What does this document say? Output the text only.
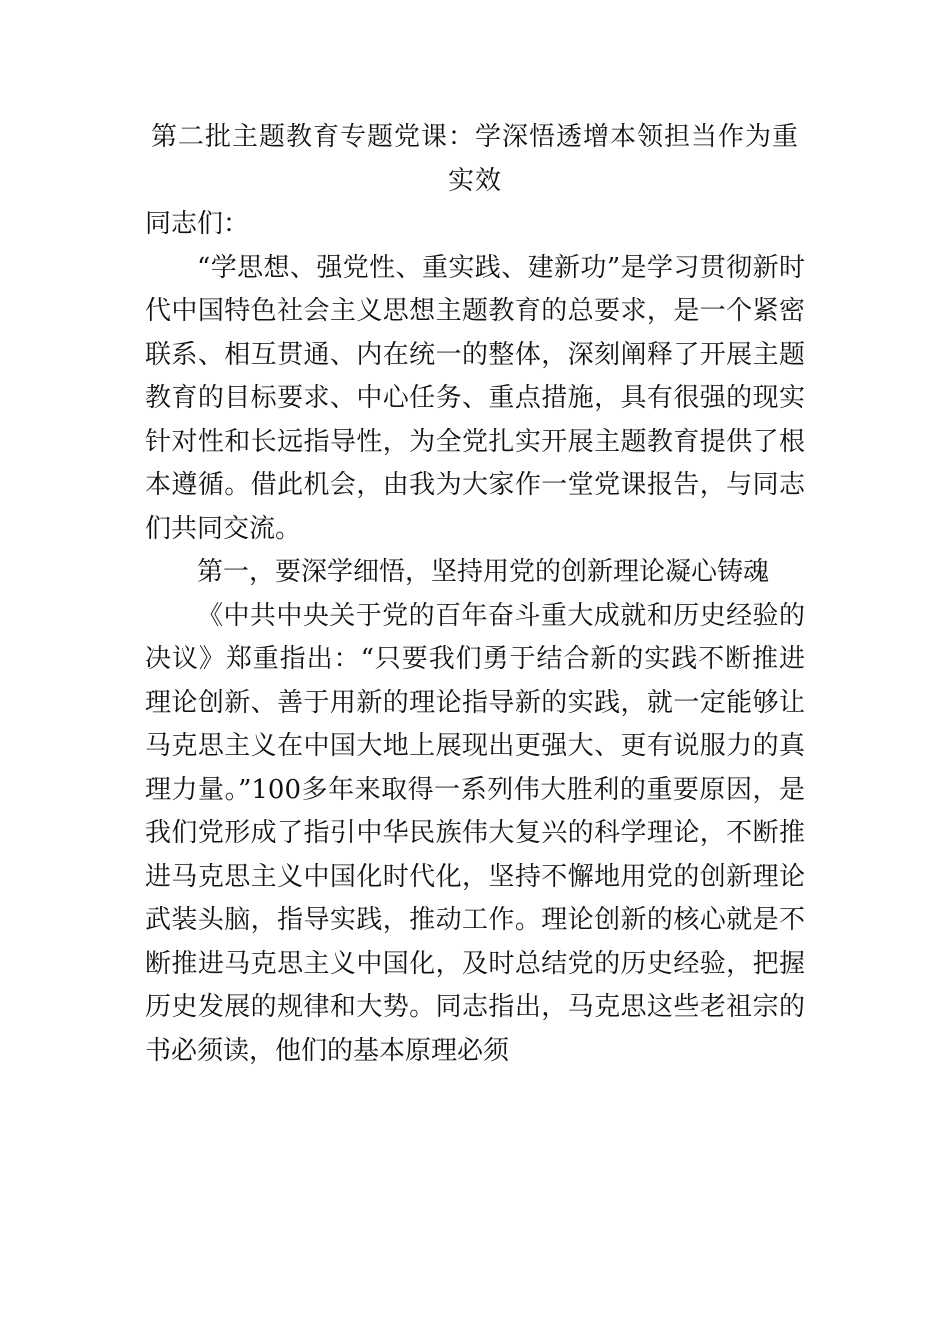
第二批主题教育专题党课：学深悟透增本领担当作为重实效

同志们：

“学思想、强党性、重实践、建新功”是学习贯彻新时代中国特色社会主义思想主题教育的总要求，是一个紧密联系、相互贯通、内在统一的整体，深刻阐释了开展主题教育的目标要求、中心任务、重点措施，具有很强的现实针对性和长远指导性，为全党扎实开展主题教育提供了根本遵循。借此机会，由我为大家作一堂党课报告，与同志们共同交流。

第一，要深学细悟，坚持用党的创新理论凝心铸魂

《中共中央关于党的百年奋斗重大成就和历史经验的决议》郑重指出：“只要我们勇于结合新的实践不断推进理论创新、善于用新的理论指导新的实践，就一定能够让马克思主义在中国大地上展现出更强大、更有说服力的真理力量。”100多年来取得一系列伟大胜利的重要原因，是我们党形成了指引中华民族伟大复兴的科学理论，不断推进马克思主义中国化时代化，坚持不懈地用党的创新理论武装头脑，指导实践，推动工作。理论创新的核心就是不断推进马克思主义中国化，及时总结党的历史经验，把握历史发展的规律和大势。同志指出，马克思这些老祖宗的书必须读，他们的基本原理必须
